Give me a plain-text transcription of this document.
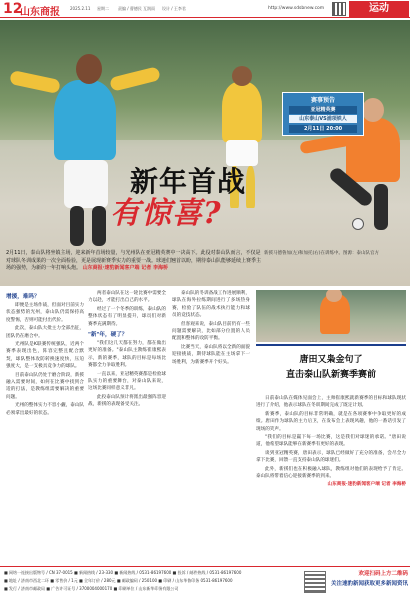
12
山东商报	2025.2.11 星期二 责编 / 曹德民 互润雨 设计 / 王李君	http://www.sdsbnew.com	运动
新年首战
有惊喜?
赛事预告
亚冠精英赛
山东泰山VS浦项铁人
2月11日 20:00
2月11日，泰山队将坐镇主场，迎来新年首场较量，与光州队在亚冠精英赛中一决高下。此役对泰山队而言，不仅是对球队冬训成果的一次全面检验，更是展现新赛季实力的重要一战。球迷们翘首以盼，期待泰山队能够延续上赛季主场的强势，为新的一年打响头炮。 山东商报·速豹新闻客户端 记者 李海桥
新援马德鲁加(左)和加托(右)在训练中。图源：泰山队官方
增援，难吗？

即便是主场作战，但面对目前实力状态强势的光州，泰山队仍需保持高度警惕，否则可能付出代价。

此次，泰山队大批主力全部出征，团队仍在磨合中。

光州队是K联赛传统强队，近两个赛季表现出色，阵容完整且配合默契，球队整体攻防转换速度快，压迫强度大，是一支极具竞争力的球队。

目前泰山队仍处于磨合阶段，新援融入需要时间，如何在比赛中找到合适的打法，是教练组需要解决的重要问题。

光州的整体实力不容小觑，泰山队必须拿出最好的状态。

两者泰山队在这一轮比赛中需要全力以赴，才能打出自己的水平。

经过了一个冬季的训练，泰山队的整体状态有了明显提升，球员们对新赛季充满期待。

"新"年，硬了？

"我们这几天都在努力，都在做出更好的准备。"泰山队主教练崔康熙表示，新的赛季，球队的目标是每场比赛都全力争取胜利。

一直以来，亚冠精英赛都是检验球队实力的重要舞台，对泰山队来说，这场比赛同样意义非凡。

此役泰山队预计将派出最强阵容迎战，新援的表现备受关注。

泰山队的冬训备战工作进展顺利，球队在海外拉练期间进行了多场热身赛，检验了队伍的战术执行能力和球员的竞技状态。

但客观来说，泰山队目前仍有一些问题需要解决，比如部分位置的人员配置和整体的攻防平衡。

比赛当天，泰山队将以全新的面貌迎接挑战，期待球队能在主场拿下一场胜利，为新赛季开个好头。	唐田又枭金句了
直击泰山队新赛季赛前

日前泰山队在媒体见面会上，主帅崔康熙就新赛季的目标和球队现状进行了介绍，他表示球队在冬训期间完成了既定计划。

新赛季，泰山队的目标非常明确，就是在各项赛事中争取更好的成绩。唐田作为球队的主力后卫，在发布会上表现风趣，他的一番话引发了现场的笑声。

"我们的目标是赢下每一场比赛，这是我们对球迷的承诺。"唐田说道，他希望球队能够在新赛季有更好的表现。

谈到亚冠精英赛，唐田表示，球队已经做好了充分的准备，会尽全力拿下比赛，回馈一直支持泰山队的球迷们。

此外，新援们也在积极融入球队，教练组对他们的表现给予了肯定。泰山队将带着信心迎接新赛季的到来。

山东商报·速豹新闻客户端 记者 李海桥

■ 网络一连接出版物号 / CN 37-0015 ■ 新闻热线 / 23-330 ■ 新闻热线 / 0531-86197600 ■ 投诉 / 邮件热线 / 0531-86197600
■ 地址 / 济南市西北二环 ■ 零售价 / 1元 ■ 全年订价 / 280元 ■ 邮政编码 / 250100 ■ 印刷 / 山东华鲁印务 0531-86197600
■ 发行 / 济南市邮政局 ■ 广告许可证号 / 3700004000170 ■ 印刷单位 / 山东新华印务有限公司
欢迎扫码上方二维码
关注速豹新闻获取更多新闻资讯
